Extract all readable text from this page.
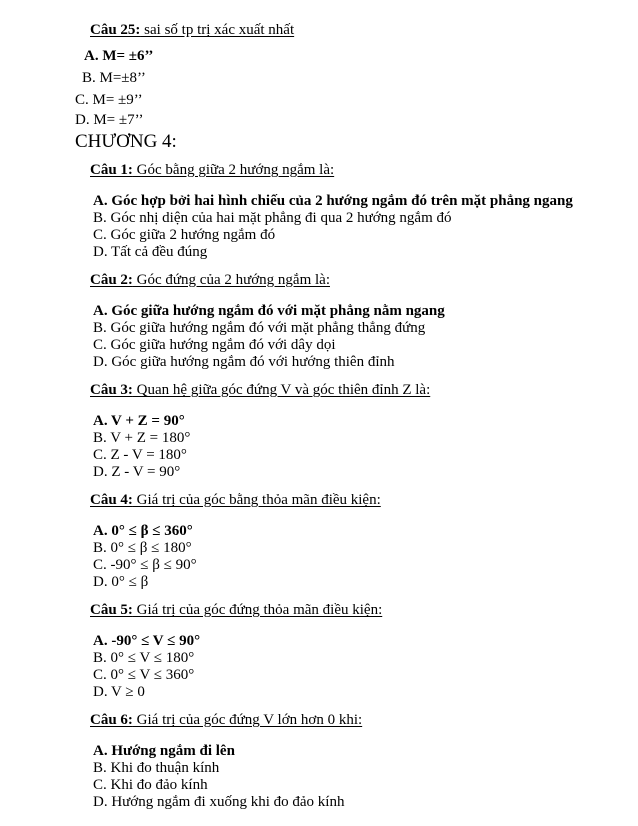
Câu 25: sai số tp trị xác xuất nhất
A. M= ±6’’
B. M=±8’’
C. M= ±9’’
D. M= ±7’’
CHƯƠNG 4:
Câu 1: Góc bằng giữa 2 hướng ngắm là:
A. Góc hợp bởi hai hình chiếu của 2 hướng ngắm đó trên mặt phẳng ngang
B. Góc nhị diện của hai mặt phẳng đi qua 2 hướng ngắm đó
C. Góc giữa 2 hướng ngắm đó
D. Tất cả đều đúng
Câu 2: Góc đứng của 2 hướng ngắm là:
A. Góc giữa hướng ngắm đó với mặt phẳng nằm ngang
B. Góc giữa hướng ngắm đó với mặt phẳng thẳng đứng
C. Góc giữa hướng ngắm đó với dây dọi
D. Góc giữa hướng ngắm đó với hướng thiên đỉnh
Câu 3: Quan hệ giữa góc đứng V và góc thiên đỉnh Z là:
A. V + Z = 90°
B. V + Z = 180°
C. Z - V = 180°
D. Z - V = 90°
Câu 4: Giá trị của góc bằng thỏa mãn điều kiện:
A. 0° ≤ β ≤ 360°
B. 0° ≤ β ≤ 180°
C. -90° ≤ β ≤ 90°
D. 0° ≤ β
Câu 5: Giá trị của góc đứng thỏa mãn điều kiện:
A. -90° ≤ V ≤ 90°
B. 0° ≤ V ≤ 180°
C. 0° ≤ V ≤ 360°
D. V ≥ 0
Câu 6: Giá trị của góc đứng V lớn hơn 0 khi:
A. Hướng ngắm đi lên
B. Khi đo thuận kính
C. Khi đo đảo kính
D. Hướng ngắm đi xuống khi đo đảo kính
